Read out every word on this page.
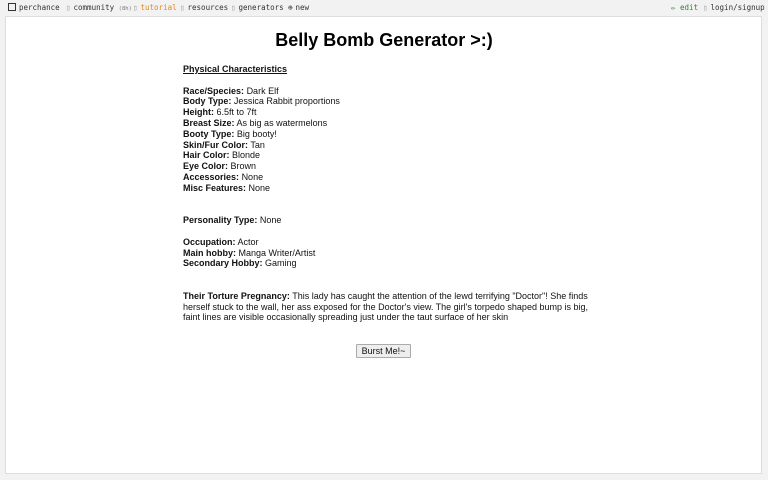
perchance ▯ community (8h) ▯ tutorial ▯ resources ▯ generators ⊕ new	✏ edit ▯ login/signup
Belly Bomb Generator >:)
Physical Characteristics
Race/Species: Dark Elf
Body Type: Jessica Rabbit proportions
Height: 6.5ft to 7ft
Breast Size: As big as watermelons
Booty Type: Big booty!
Skin/Fur Color: Tan
Hair Color: Blonde
Eye Color: Brown
Accessories: None
Misc Features: None
Personality Type: None
Occupation: Actor
Main hobby: Manga Writer/Artist
Secondary Hobby: Gaming
Their Torture Pregnancy: This lady has caught the attention of the lewd terrifying "Doctor"! She finds herself stuck to the wall, her ass exposed for the Doctor's view. The girl's torpedo shaped bump is big, faint lines are visible occasionally spreading just under the taut surface of her skin
Burst Me!~
